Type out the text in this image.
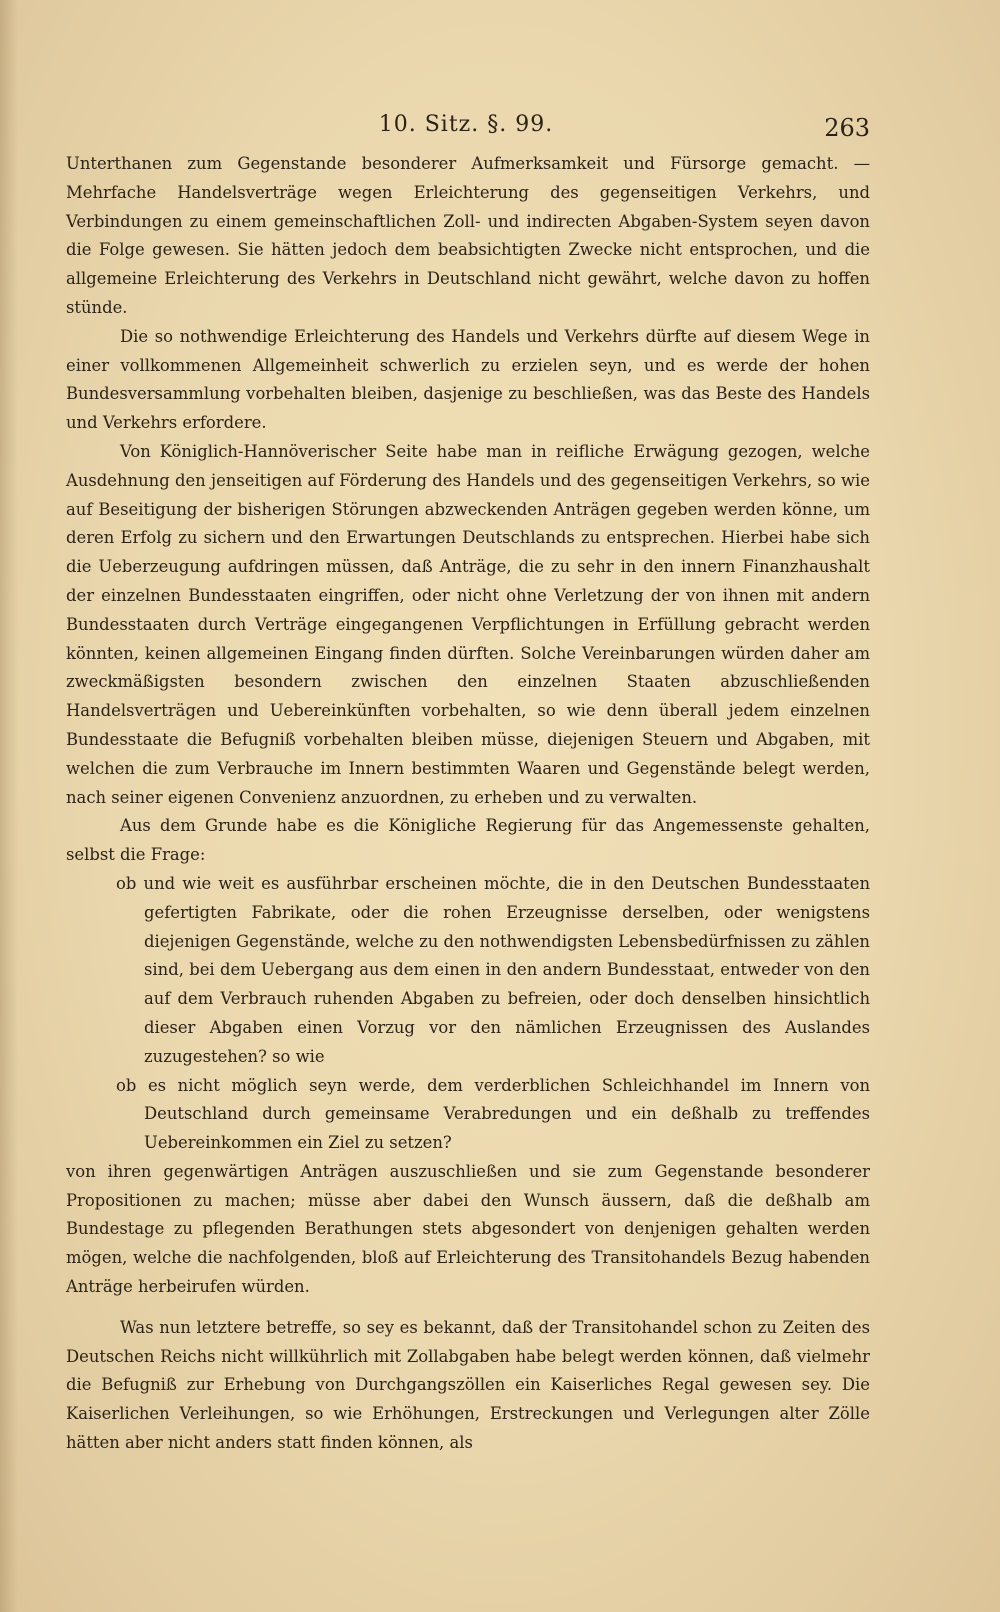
10. Sitz. §. 99.	263

Unterthanen zum Gegenstande besonderer Aufmerksamkeit und Fürsorge gemacht. — Mehrfache Handelsverträge wegen Erleichterung des gegenseitigen Verkehrs, und Verbindungen zu einem gemeinschaftlichen Zoll- und indirecten Abgaben-System seyen davon die Folge gewesen. Sie hätten jedoch dem beabsichtigten Zwecke nicht entsprochen, und die allgemeine Erleichterung des Verkehrs in Deutschland nicht gewährt, welche davon zu hoffen stünde.

Die so nothwendige Erleichterung des Handels und Verkehrs dürfte auf diesem Wege in einer vollkommenen Allgemeinheit schwerlich zu erzielen seyn, und es werde der hohen Bundesversammlung vorbehalten bleiben, dasjenige zu beschließen, was das Beste des Handels und Verkehrs erfordere.

Von Königlich-Hannöverischer Seite habe man in reifliche Erwägung gezogen, welche Ausdehnung den jenseitigen auf Förderung des Handels und des gegenseitigen Verkehrs, so wie auf Beseitigung der bisherigen Störungen abzweckenden Anträgen gegeben werden könne, um deren Erfolg zu sichern und den Erwartungen Deutschlands zu entsprechen. Hierbei habe sich die Ueberzeugung aufdringen müssen, daß Anträge, die zu sehr in den innern Finanzhaushalt der einzelnen Bundesstaaten eingriffen, oder nicht ohne Verletzung der von ihnen mit andern Bundesstaaten durch Verträge eingegangenen Verpflichtungen in Erfüllung gebracht werden könnten, keinen allgemeinen Eingang finden dürften. Solche Vereinbarungen würden daher am zweckmäßigsten besondern zwischen den einzelnen Staaten abzuschließenden Handelsverträgen und Uebereinkünften vorbehalten, so wie denn überall jedem einzelnen Bundesstaate die Befugniß vorbehalten bleiben müsse, diejenigen Steuern und Abgaben, mit welchen die zum Verbrauche im Innern bestimmten Waaren und Gegenstände belegt werden, nach seiner eigenen Convenienz anzuordnen, zu erheben und zu verwalten.

Aus dem Grunde habe es die Königliche Regierung für das Angemessenste gehalten, selbst die Frage:

ob und wie weit es ausführbar erscheinen möchte, die in den Deutschen Bundesstaaten gefertigten Fabrikate, oder die rohen Erzeugnisse derselben, oder wenigstens diejenigen Gegenstände, welche zu den nothwendigsten Lebensbedürfnissen zu zählen sind, bei dem Uebergang aus dem einen in den andern Bundesstaat, entweder von den auf dem Verbrauch ruhenden Abgaben zu befreien, oder doch denselben hinsichtlich dieser Abgaben einen Vorzug vor den nämlichen Erzeugnissen des Auslandes zuzugestehen? so wie

ob es nicht möglich seyn werde, dem verderblichen Schleichhandel im Innern von Deutschland durch gemeinsame Verabredungen und ein deßhalb zu treffendes Uebereinkommen ein Ziel zu setzen?

von ihren gegenwärtigen Anträgen auszuschließen und sie zum Gegenstande besonderer Propositionen zu machen; müsse aber dabei den Wunsch äussern, daß die deßhalb am Bundestage zu pflegenden Berathungen stets abgesondert von denjenigen gehalten werden mögen, welche die nachfolgenden, bloß auf Erleichterung des Transitohandels Bezug habenden Anträge herbeirufen würden.

Was nun letztere betreffe, so sey es bekannt, daß der Transitohandel schon zu Zeiten des Deutschen Reichs nicht willkührlich mit Zollabgaben habe belegt werden können, daß vielmehr die Befugniß zur Erhebung von Durchgangszöllen ein Kaiserliches Regal gewesen sey. Die Kaiserlichen Verleihungen, so wie Erhöhungen, Erstreckungen und Verlegungen alter Zölle hätten aber nicht anders statt finden können, als
